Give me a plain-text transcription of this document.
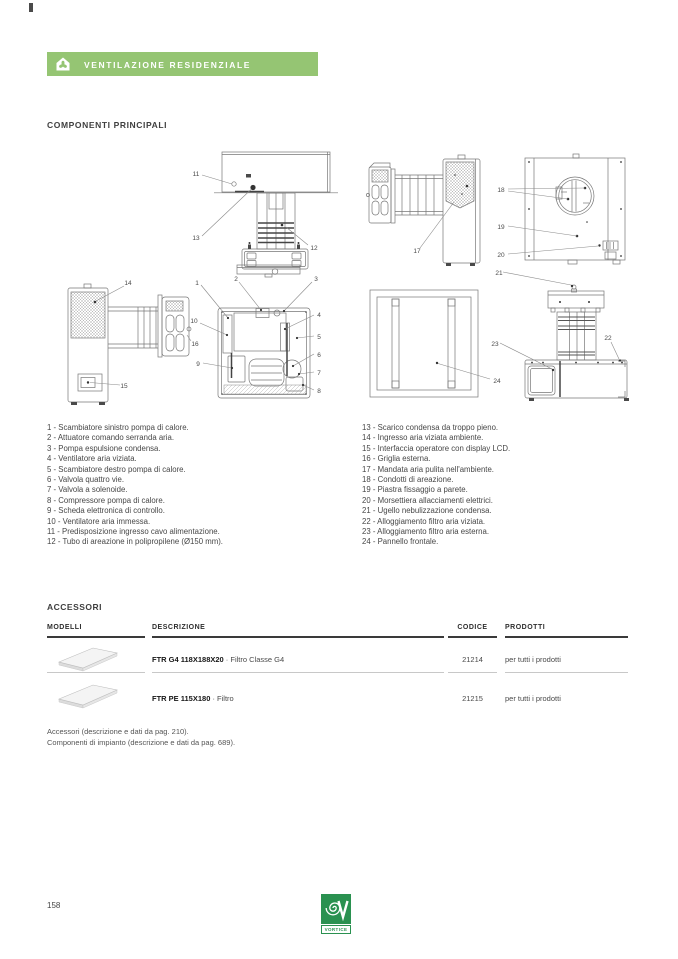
VENTILAZIONE RESIDENZIALE
COMPONENTI PRINCIPALI
11
13
12	17
18
19
20
14
15
16
1
2	3
4
5
6
7
8
9
10
24
21
23
22
1 - Scambiatore sinistro pompa di calore.
2 - Attuatore comando serranda aria.
3 - Pompa espulsione condensa.
4 - Ventilatore aria viziata.
5 - Scambiatore destro pompa di calore.
6 - Valvola quattro vie.
7 - Valvola a solenoide.
8 - Compressore pompa di calore.
9 - Scheda elettronica di controllo.
10 - Ventilatore aria immessa.
11 - Predisposizione ingresso cavo alimentazione.
12 - Tubo di areazione in polipropilene (Ø150 mm).
13 - Scarico condensa da troppo pieno.
14 - Ingresso aria viziata ambiente.
15 - Interfaccia operatore con display LCD.
16 - Griglia esterna.
17 - Mandata aria pulita nell'ambiente.
18 - Condotti di areazione.
19 - Piastra fissaggio a parete.
20 - Morsettiera allacciamenti elettrici.
21 - Ugello nebulizzazione condensa.
22 - Alloggiamento filtro aria viziata.
23 - Alloggiamento filtro aria esterna.
24 - Pannello frontale.
ACCESSORI
MODELLI	DESCRIZIONE	CODICE	PRODOTTI
FTR G4 118X188X20 · Filtro Classe G4	21214	per tutti i prodotti
FTR PE 115X180 · Filtro	21215	per tutti i prodotti
Accessori (descrizione e dati da pag. 210).
Componenti di impianto (descrizione e dati da pag. 689).
158
VORTICE
